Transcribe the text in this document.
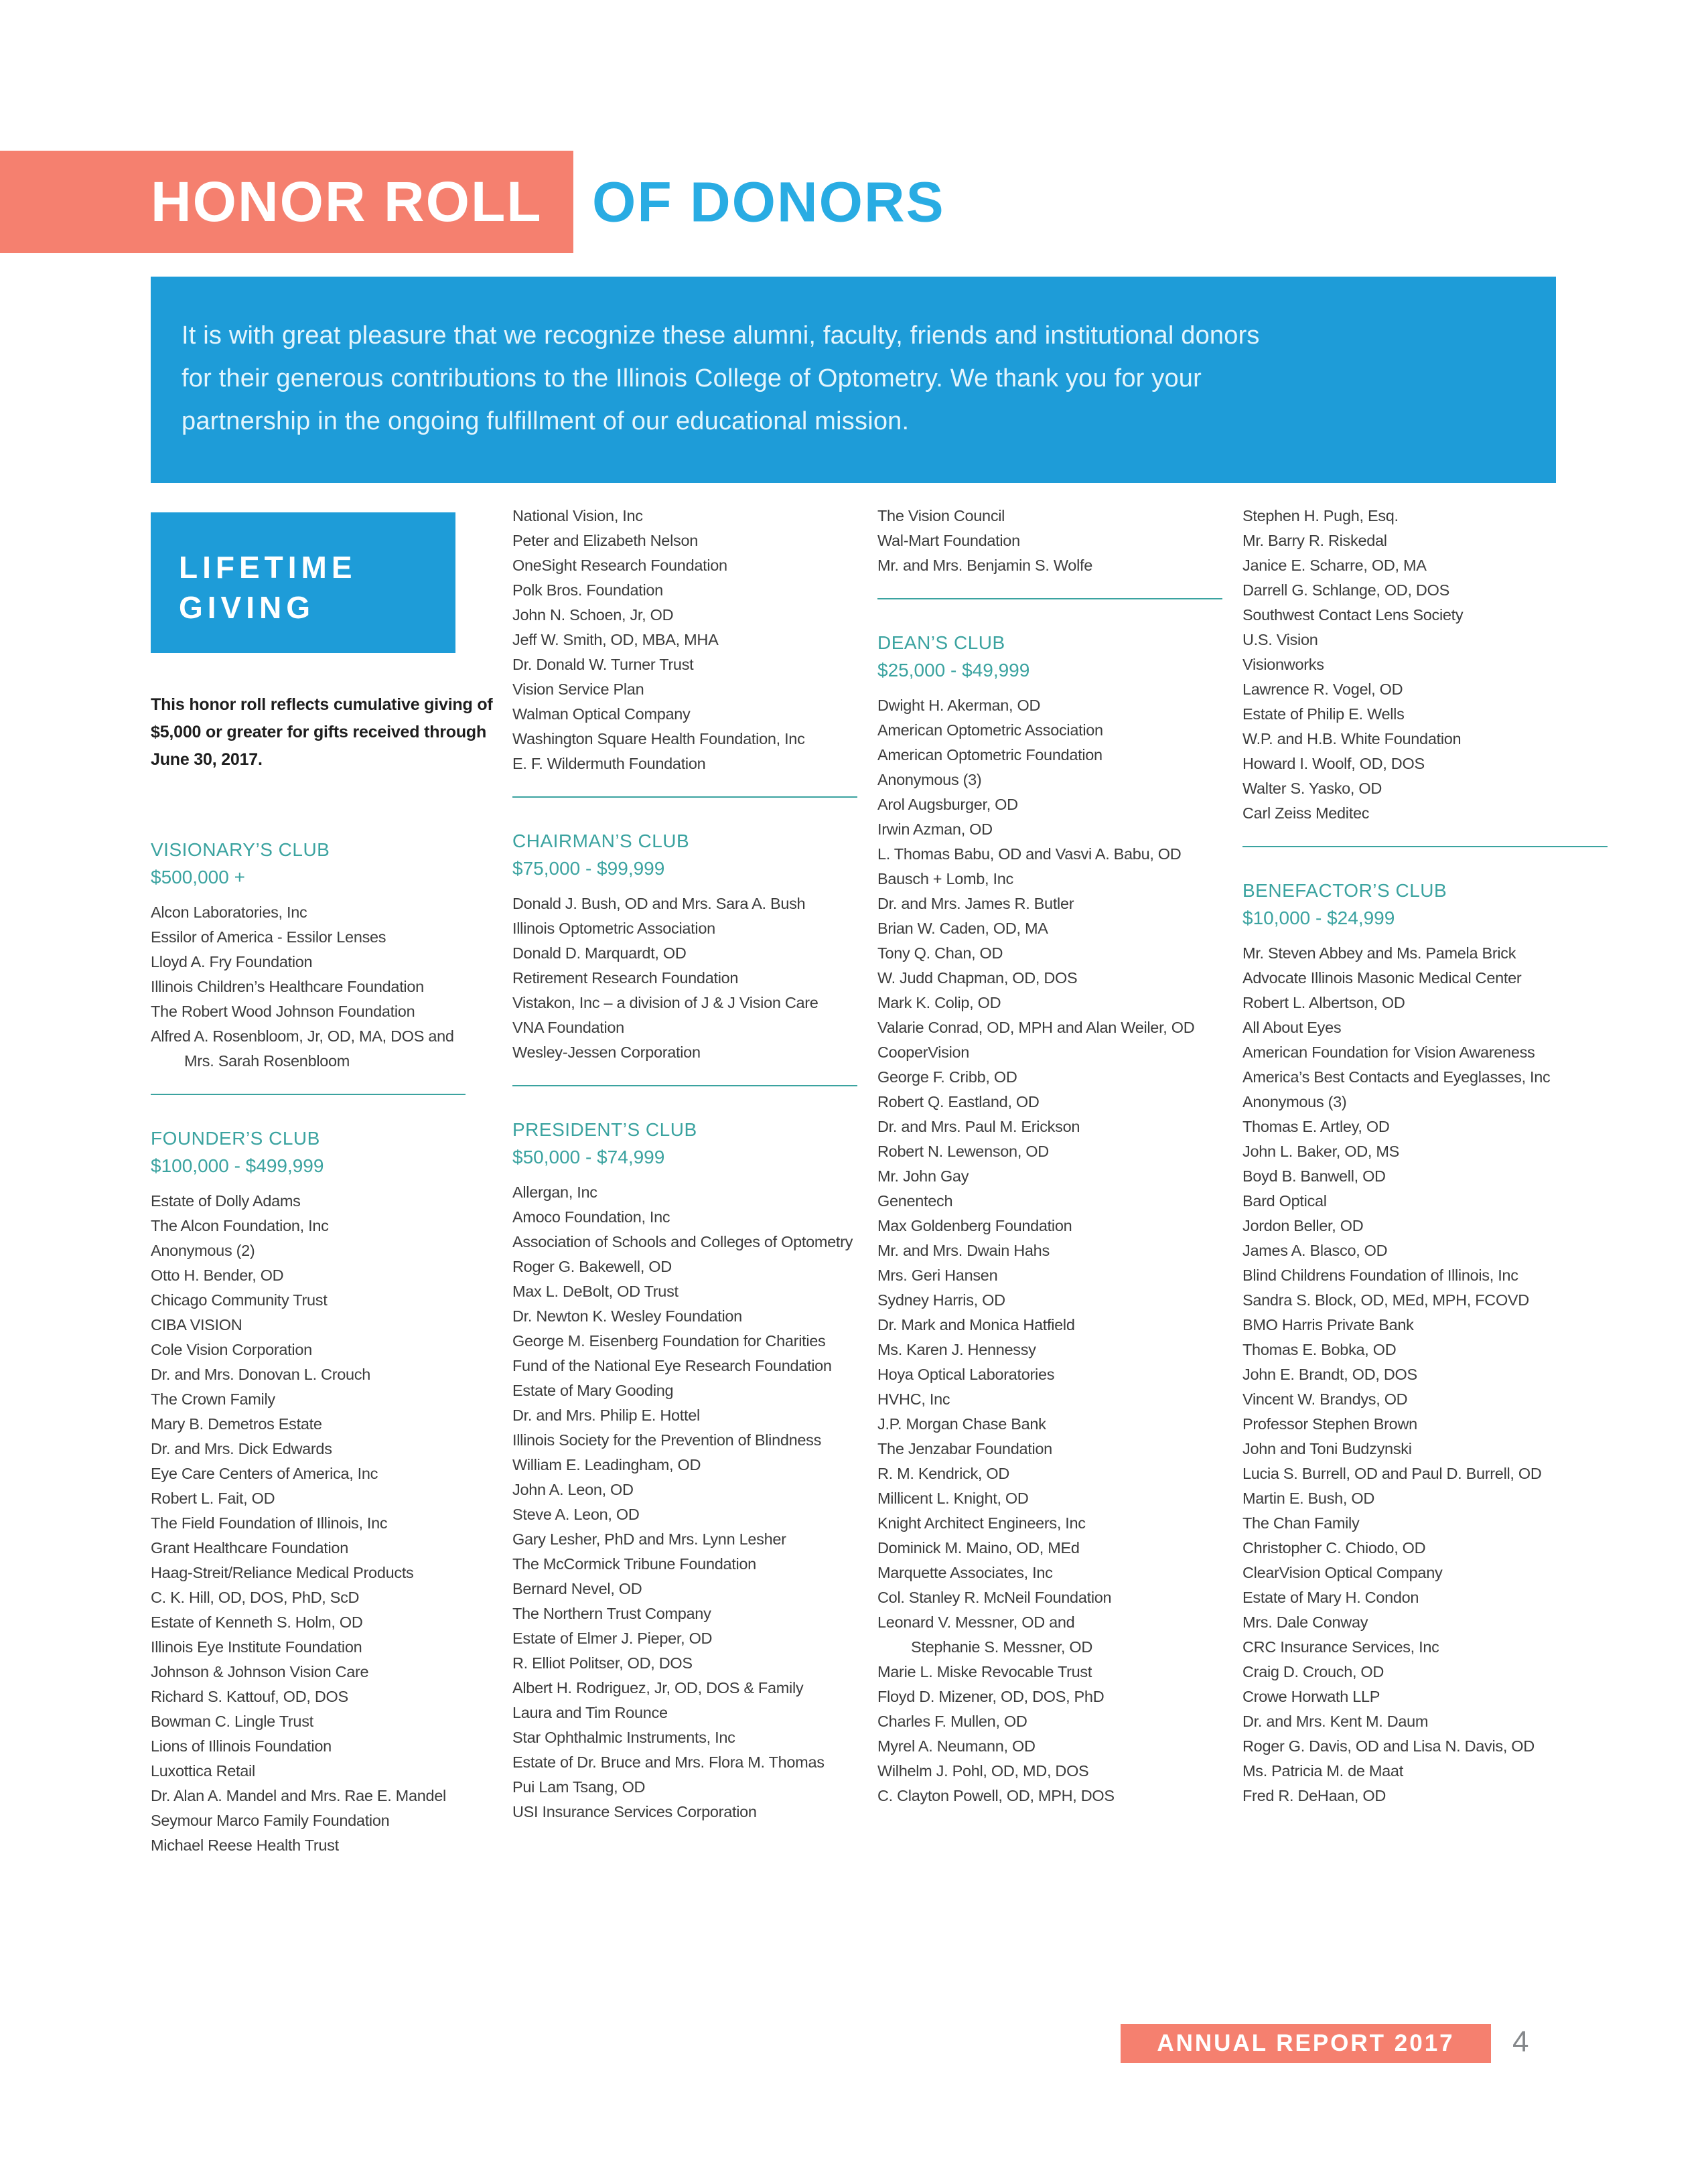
HONOR ROLL OF DONORS
It is with great pleasure that we recognize these alumni, faculty, friends and institutional donors
for their generous contributions to the Illinois College of Optometry. We thank you for your
partnership in the ongoing fulfillment of our educational mission.
LIFETIME
GIVING
This honor roll reflects cumulative giving of
$5,000 or greater for gifts received through
June 30, 2017.
VISIONARY’S CLUB
$500,000 +
Alcon Laboratories, Inc
Essilor of America - Essilor Lenses
Lloyd A. Fry Foundation
Illinois Children’s Healthcare Foundation
The Robert Wood Johnson Foundation
Alfred A. Rosenbloom, Jr, OD, MA, DOS and
Mrs. Sarah Rosenbloom
FOUNDER’S CLUB
$100,000 - $499,999
Estate of Dolly Adams
The Alcon Foundation, Inc
Anonymous (2)
Otto H. Bender, OD
Chicago Community Trust
CIBA VISION
Cole Vision Corporation
Dr. and Mrs. Donovan L. Crouch
The Crown Family
Mary B. Demetros Estate
Dr. and Mrs. Dick Edwards
Eye Care Centers of America, Inc
Robert L. Fait, OD
The Field Foundation of Illinois, Inc
Grant Healthcare Foundation
Haag-Streit/Reliance Medical Products
C. K. Hill, OD, DOS, PhD, ScD
Estate of Kenneth S. Holm, OD
Illinois Eye Institute Foundation
Johnson & Johnson Vision Care
Richard S. Kattouf, OD, DOS
Bowman C. Lingle Trust
Lions of Illinois Foundation
Luxottica Retail
Dr. Alan A. Mandel and Mrs. Rae E. Mandel
Seymour Marco Family Foundation
Michael Reese Health Trust
National Vision, Inc
Peter and Elizabeth Nelson
OneSight Research Foundation
Polk Bros. Foundation
John N. Schoen, Jr, OD
Jeff W. Smith, OD, MBA, MHA
Dr. Donald W. Turner Trust
Vision Service Plan
Walman Optical Company
Washington Square Health Foundation, Inc
E. F. Wildermuth Foundation
CHAIRMAN’S CLUB
$75,000 - $99,999
Donald J. Bush, OD and Mrs. Sara A. Bush
Illinois Optometric Association
Donald D. Marquardt, OD
Retirement Research Foundation
Vistakon, Inc – a division of J & J Vision Care
VNA Foundation
Wesley-Jessen Corporation
PRESIDENT’S CLUB
$50,000 - $74,999
Allergan, Inc
Amoco Foundation, Inc
Association of Schools and Colleges of Optometry
Roger G. Bakewell, OD
Max L. DeBolt, OD Trust
Dr. Newton K. Wesley Foundation
George M. Eisenberg Foundation for Charities
Fund of the National Eye Research Foundation
Estate of Mary Gooding
Dr. and Mrs. Philip E. Hottel
Illinois Society for the Prevention of Blindness
William E. Leadingham, OD
John A. Leon, OD
Steve A. Leon, OD
Gary Lesher, PhD and Mrs. Lynn Lesher
The McCormick Tribune Foundation
Bernard Nevel, OD
The Northern Trust Company
Estate of Elmer J. Pieper, OD
R. Elliot Politser, OD, DOS
Albert H. Rodriguez, Jr, OD, DOS & Family
Laura and Tim Rounce
Star Ophthalmic Instruments, Inc
Estate of Dr. Bruce and Mrs. Flora M. Thomas
Pui Lam Tsang, OD
USI Insurance Services Corporation
The Vision Council
Wal-Mart Foundation
Mr. and Mrs. Benjamin S. Wolfe
DEAN’S CLUB
$25,000 - $49,999
Dwight H. Akerman, OD
American Optometric Association
American Optometric Foundation
Anonymous (3)
Arol Augsburger, OD
Irwin Azman, OD
L. Thomas Babu, OD and Vasvi A. Babu, OD
Bausch + Lomb, Inc
Dr. and Mrs. James R. Butler
Brian W. Caden, OD, MA
Tony Q. Chan, OD
W. Judd Chapman, OD, DOS
Mark K. Colip, OD
Valarie Conrad, OD, MPH and Alan Weiler, OD
CooperVision
George F. Cribb, OD
Robert Q. Eastland, OD
Dr. and Mrs. Paul M. Erickson
Robert N. Lewenson, OD
Mr. John Gay
Genentech
Max Goldenberg Foundation
Mr. and Mrs. Dwain Hahs
Mrs. Geri Hansen
Sydney Harris, OD
Dr. Mark and Monica Hatfield
Ms. Karen J. Hennessy
Hoya Optical Laboratories
HVHC, Inc
J.P. Morgan Chase Bank
The Jenzabar Foundation
R. M. Kendrick, OD
Millicent L. Knight, OD
Knight Architect Engineers, Inc
Dominick M. Maino, OD, MEd
Marquette Associates, Inc
Col. Stanley R. McNeil Foundation
Leonard V. Messner, OD and
Stephanie S. Messner, OD
Marie L. Miske Revocable Trust
Floyd D. Mizener, OD, DOS, PhD
Charles F. Mullen, OD
Myrel A. Neumann, OD
Wilhelm J. Pohl, OD, MD, DOS
C. Clayton Powell, OD, MPH, DOS
Stephen H. Pugh, Esq.
Mr. Barry R. Riskedal
Janice E. Scharre, OD, MA
Darrell G. Schlange, OD, DOS
Southwest Contact Lens Society
U.S. Vision
Visionworks
Lawrence R. Vogel, OD
Estate of Philip E. Wells
W.P. and H.B. White Foundation
Howard I. Woolf, OD, DOS
Walter S. Yasko, OD
Carl Zeiss Meditec
BENEFACTOR’S CLUB
$10,000 - $24,999
Mr. Steven Abbey and Ms. Pamela Brick
Advocate Illinois Masonic Medical Center
Robert L. Albertson, OD
All About Eyes
American Foundation for Vision Awareness
America’s Best Contacts and Eyeglasses, Inc
Anonymous (3)
Thomas E. Artley, OD
John L. Baker, OD, MS
Boyd B. Banwell, OD
Bard Optical
Jordon Beller, OD
James A. Blasco, OD
Blind Childrens Foundation of Illinois, Inc
Sandra S. Block, OD, MEd, MPH, FCOVD
BMO Harris Private Bank
Thomas E. Bobka, OD
John E. Brandt, OD, DOS
Vincent W. Brandys, OD
Professor Stephen Brown
John and Toni Budzynski
Lucia S. Burrell, OD and Paul D. Burrell, OD
Martin E. Bush, OD
The Chan Family
Christopher C. Chiodo, OD
ClearVision Optical Company
Estate of Mary H. Condon
Mrs. Dale Conway
CRC Insurance Services, Inc
Craig D. Crouch, OD
Crowe Horwath LLP
Dr. and Mrs. Kent M. Daum
Roger G. Davis, OD and Lisa N. Davis, OD
Ms. Patricia M. de Maat
Fred R. DeHaan, OD
ANNUAL REPORT 2017	4
